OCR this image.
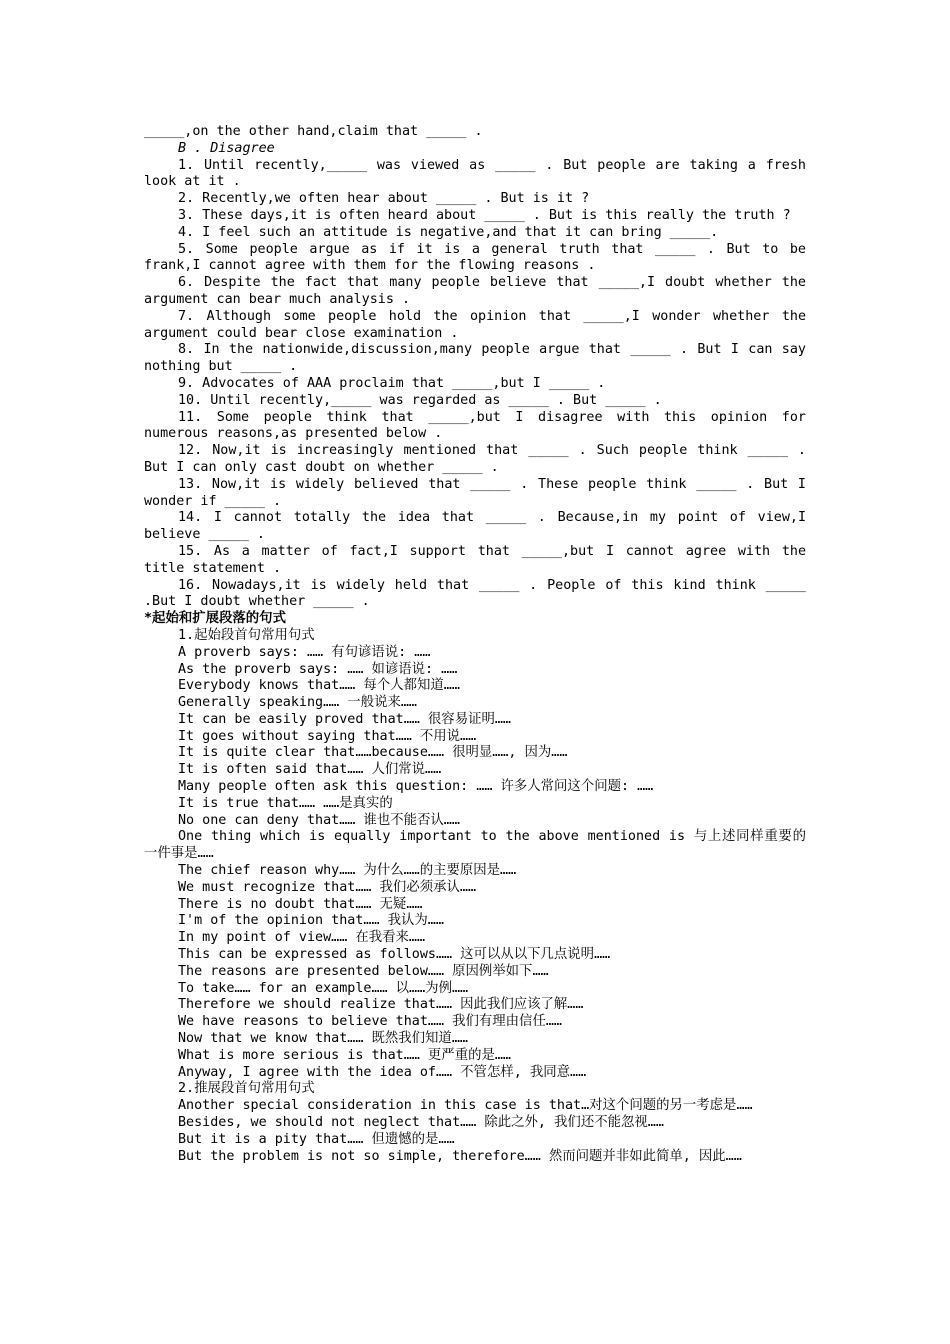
_____,on the other hand,claim that _____ .
B . Disagree
1. Until recently,_____ was viewed as _____ . But people are taking a fresh look at it .
2. Recently,we often hear about _____ . But is it ?
3. These days,it is often heard about _____ . But is this really the truth ?
4. I feel such an attitude is negative,and that it can bring _____.
5. Some people argue as if it is a general truth that _____ . But to be frank,I cannot agree with them for the flowing reasons .
6. Despite the fact that many people believe that _____,I doubt whether the argument can bear much analysis .
7. Although some people hold the opinion that _____,I wonder whether the argument could bear close examination .
8. In the nationwide,discussion,many people argue that _____ . But I can say nothing but _____ .
9. Advocates of AAA proclaim that _____,but I _____ .
10. Until recently,_____ was regarded as _____ . But _____ .
11. Some people think that _____,but I disagree with this opinion for numerous reasons,as presented below .
12. Now,it is increasingly mentioned that _____ . Such people think _____ . But I can only cast doubt on whether _____ .
13. Now,it is widely believed that _____ . These people think _____ . But I wonder if _____ .
14. I cannot totally the idea that _____ . Because,in my point of view,I believe _____ .
15. As a matter of fact,I support that _____,but I cannot agree with the title statement .
16. Nowadays,it is widely held that _____ . People of this kind think _____ .But I doubt whether _____ .
*起始和扩展段落的句式
1.起始段首句常用句式
A proverb says: …… 有句谚语说: ……
As the proverb says: …… 如谚语说: ……
Everybody knows that…… 每个人都知道……
Generally speaking…… 一般说来……
It can be easily proved that…… 很容易证明……
It goes without saying that…… 不用说……
It is quite clear that……because…… 很明显……, 因为……
It is often said that…… 人们常说……
Many people often ask this question: …… 许多人常问这个问题: ……
It is true that…… ……是真实的
No one can deny that…… 谁也不能否认……
One thing which is equally important to the above mentioned is 与上述同样重要的一件事是……
The chief reason why…… 为什么……的主要原因是……
We must recognize that…… 我们必须承认……
There is no doubt that…… 无疑……
I'm of the opinion that…… 我认为……
In my point of view…… 在我看来……
This can be expressed as follows…… 这可以从以下几点说明……
The reasons are presented below…… 原因例举如下……
To take…… for an example…… 以……为例……
Therefore we should realize that…… 因此我们应该了解……
We have reasons to believe that…… 我们有理由信任……
Now that we know that…… 既然我们知道……
What is more serious is that…… 更严重的是……
Anyway, I agree with the idea of…… 不管怎样, 我同意……
2.推展段首句常用句式
Another special consideration in this case is that…对这个问题的另一考虑是……
Besides, we should not neglect that…… 除此之外, 我们还不能忽视……
But it is a pity that…… 但遗憾的是……
But the problem is not so simple, therefore…… 然而问题并非如此简单, 因此……
